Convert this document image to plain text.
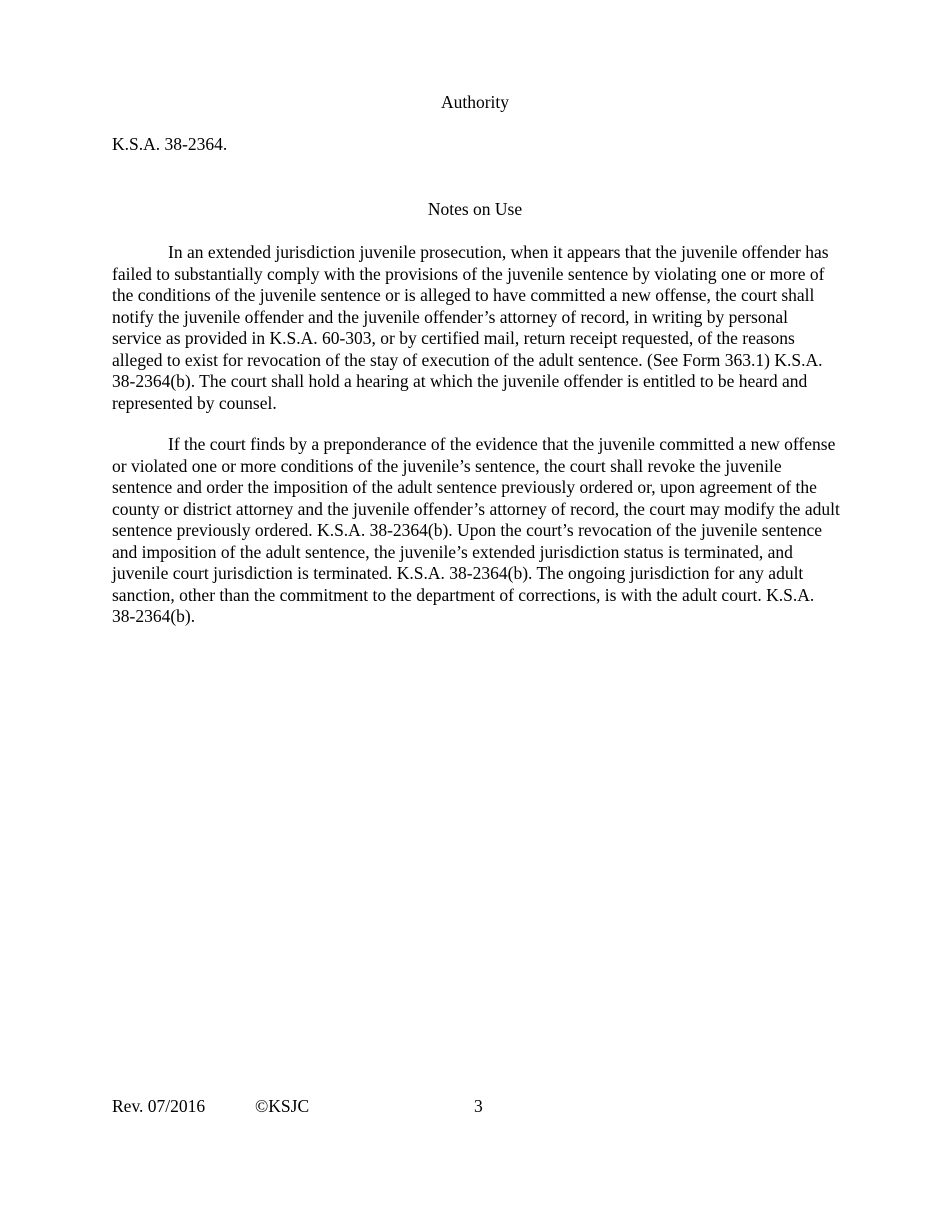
Authority

K.S.A. 38-2364.

Notes on Use

In an extended jurisdiction juvenile prosecution, when it appears that the juvenile offender has failed to substantially comply with the provisions of the juvenile sentence by violating one or more of the conditions of the juvenile sentence or is alleged to have committed a new offense, the court shall notify the juvenile offender and the juvenile offender’s attorney of record, in writing by personal service as provided in K.S.A. 60-303, or by certified mail, return receipt requested, of the reasons alleged to exist for revocation of the stay of execution of the adult sentence. (See Form 363.1) K.S.A. 38-2364(b). The court shall hold a hearing at which the juvenile offender is entitled to be heard and represented by counsel.

If the court finds by a preponderance of the evidence that the juvenile committed a new offense or violated one or more conditions of the juvenile’s sentence, the court shall revoke the juvenile sentence and order the imposition of the adult sentence previously ordered or, upon agreement of the county or district attorney and the juvenile offender’s attorney of record, the court may modify the adult sentence previously ordered. K.S.A. 38-2364(b). Upon the court’s revocation of the juvenile sentence and imposition of the adult sentence, the juvenile’s extended jurisdiction status is terminated, and juvenile court jurisdiction is terminated. K.S.A. 38-2364(b). The ongoing jurisdiction for any adult sanction, other than the commitment to the department of corrections, is with the adult court. K.S.A. 38-2364(b).

Rev. 07/2016	©KSJC	3
